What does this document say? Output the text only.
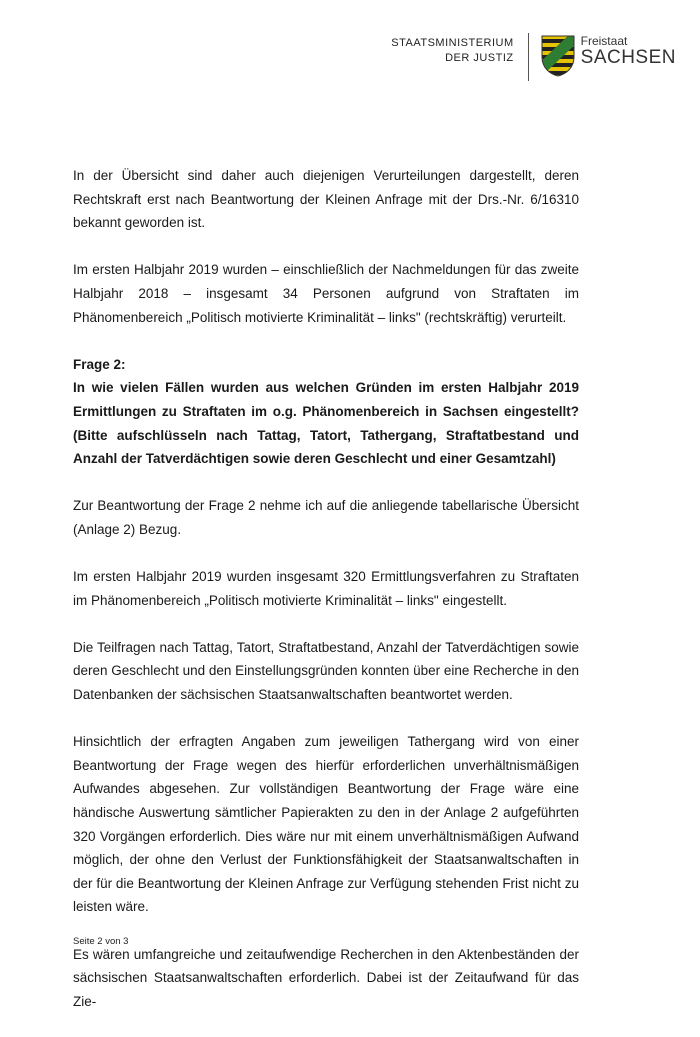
STAATSMINISTERIUM
DER JUSTIZ
Freistaat
SACHSEN

In der Übersicht sind daher auch diejenigen Verurteilungen dargestellt, deren Rechtskraft erst nach Beantwortung der Kleinen Anfrage mit der Drs.-Nr. 6/16310 bekannt geworden ist.

Im ersten Halbjahr 2019 wurden – einschließlich der Nachmeldungen für das zweite Halbjahr 2018 – insgesamt 34 Personen aufgrund von Straftaten im Phänomenbereich „Politisch motivierte Kriminalität – links" (rechtskräftig) verurteilt.

Frage 2:

In wie vielen Fällen wurden aus welchen Gründen im ersten Halbjahr 2019 Ermittlungen zu Straftaten im o.g. Phänomenbereich in Sachsen eingestellt? (Bitte aufschlüsseln nach Tattag, Tatort, Tathergang, Straftatbestand und Anzahl der Tatverdächtigen sowie deren Geschlecht und einer Gesamtzahl)

Zur Beantwortung der Frage 2 nehme ich auf die anliegende tabellarische Übersicht (Anlage 2) Bezug.

Im ersten Halbjahr 2019 wurden insgesamt 320 Ermittlungsverfahren zu Straftaten im Phänomenbereich „Politisch motivierte Kriminalität – links" eingestellt.

Die Teilfragen nach Tattag, Tatort, Straftatbestand, Anzahl der Tatverdächtigen sowie deren Geschlecht und den Einstellungsgründen konnten über eine Recherche in den Datenbanken der sächsischen Staatsanwaltschaften beantwortet werden.

Hinsichtlich der erfragten Angaben zum jeweiligen Tathergang wird von einer Beantwortung der Frage wegen des hierfür erforderlichen unverhältnismäßigen Aufwandes abgesehen. Zur vollständigen Beantwortung der Frage wäre eine händische Auswertung sämtlicher Papierakten zu den in der Anlage 2 aufgeführten 320 Vorgängen erforderlich. Dies wäre nur mit einem unverhältnismäßigen Aufwand möglich, der ohne den Verlust der Funktionsfähigkeit der Staatsanwaltschaften in der für die Beantwortung der Kleinen Anfrage zur Verfügung stehenden Frist nicht zu leisten wäre.

Es wären umfangreiche und zeitaufwendige Recherchen in den Aktenbeständen der sächsischen Staatsanwaltschaften erforderlich. Dabei ist der Zeitaufwand für das Zie-

Seite 2 von 3
